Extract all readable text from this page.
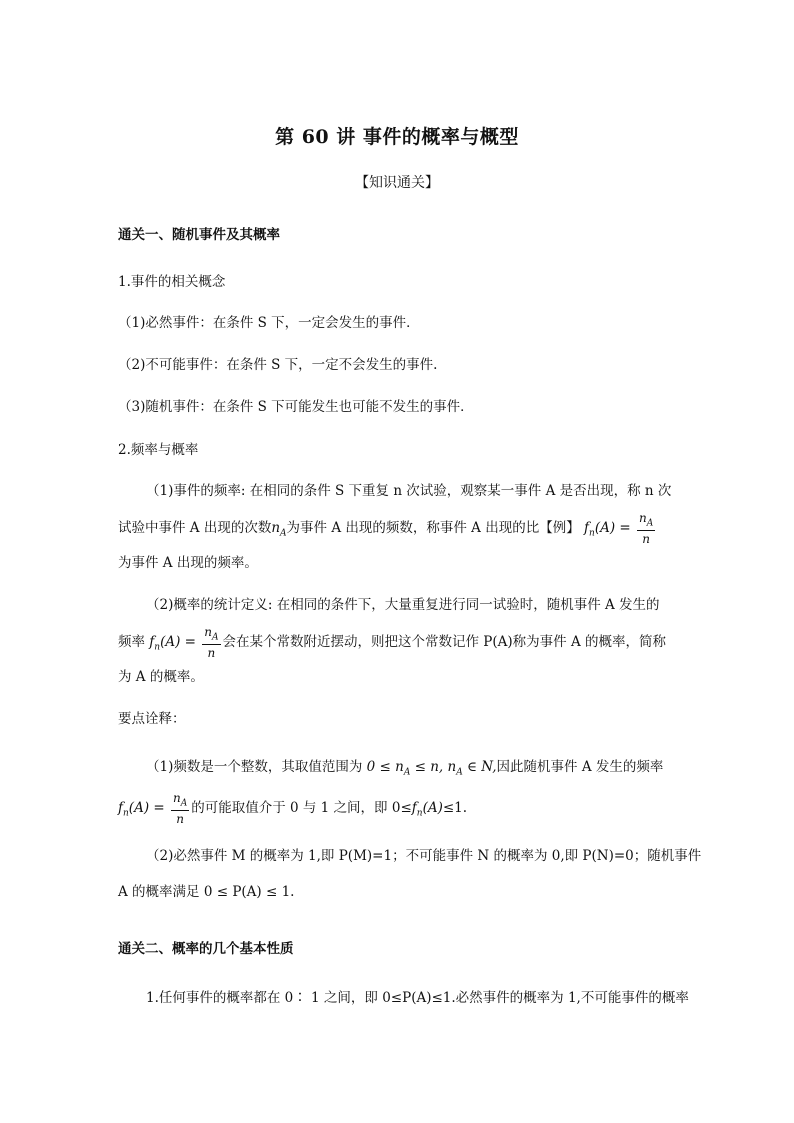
第 60 讲 事件的概率与概型
【知识通关】
通关一、随机事件及其概率
1.事件的相关概念
（1)必然事件：在条件 S 下，一定会发生的事件．
（2)不可能事件：在条件 S 下，一定不会发生的事件.
（3)随机事件：在条件 S 下可能发生也可能不发生的事件．
2.频率与概率
（1)事件的频率: 在相同的条件 S 下重复 n 次试验，观察某一事件 A 是否出现，称 n 次
试验中事件 A 出现的次数$n_A$为事件 A 出现的频数，称事件 A 出现的比【例】 $f_n(A) = \frac{n_A}{n}$
为事件 A 出现的频率。
（2)概率的统计定义: 在相同的条件下，大量重复进行同一试验时，随机事件 A 发生的
频率 $f_n(A) = \frac{n_A}{n}$ 会在某个常数附近摆动，则把这个常数记作 P(A)称为事件 A 的概率，简称
为 A 的概率。
要点诠释：
（1)频数是一个整数，其取值范围为 $0 \le n_A \le n$, $n_A$ ∈ N,因此随机事件 A 发生的频率
$f_n(A) = \frac{n_A}{n}$ 的可能取值介于 0 与 1 之间，即 $0\le f_n(A)\le 1$.
（2)必然事件 M 的概率为 1,即 P(M)=1；不可能事件 N 的概率为 0,即 P(N)=0；随机事件
A 的概率满足 0 ≤ P(A) ≤ 1.
通关二、概率的几个基本性质
1.任何事件的概率都在 0∶ 1 之间，即 0≤P(A)≤1.必然事件的概率为 1,不可能事件的概率
